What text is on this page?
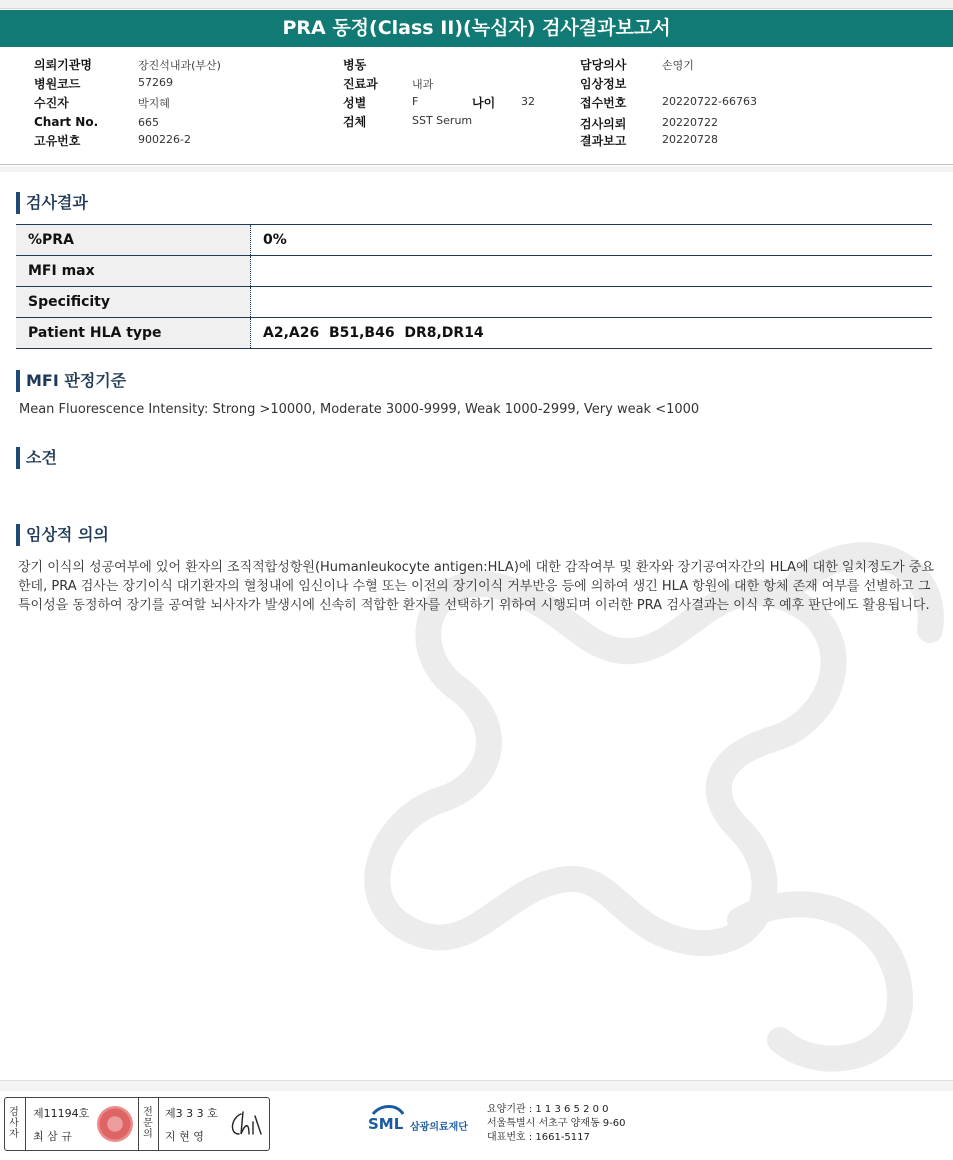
PRA 동정(Class II)(녹십자) 검사결과보고서
의뢰기관명	장진석내과(부산)
병원코드	57269
수진자	박지혜
Chart No.	665
고유번호	900226-2
병동
진료과	내과
성별	F	나이 32
검체	SST Serum
담당의사	손영기
임상정보
접수번호	20220722-66763
검사의뢰	20220722
결과보고	20220728
검사결과
%PRA	0%
MFI max	
Specificity	
Patient HLA type	A2,A26  B51,B46  DR8,DR14
MFI 판정기준
Mean Fluorescence Intensity: Strong >10000, Moderate 3000-9999, Weak 1000-2999, Very weak <1000
소견
임상적 의의
장기 이식의 성공여부에 있어 환자의 조직적합성항원(Humanleukocyte antigen:HLA)에 대한 감작여부 및 환자와 장기공여자간의 HLA에 대한 일치정도가 중요한데, PRA 검사는 장기이식 대기환자의 혈청내에 임신이나 수혈 또는 이전의 장기이식 거부반응 등에 의하여 생긴 HLA 항원에 대한 항체 존재 여부를 선별하고 그 특이성을 동정하여 장기를 공여할 뇌사자가 발생시에 신속히 적합한 환자를 선택하기 위하여 시행되며 이러한 PRA 검사결과는 이식 후 예후 판단에도 활용됩니다.
검
사
자
제11194호
최 삼 규
전
문
의
제3 3 3 호
지 현 영
SML 삼광의료재단
요양기관 : 1 1 3 6 5 2 0 0
서울특별시 서초구 양재동 9-60
대표번호 : 1661-5117
